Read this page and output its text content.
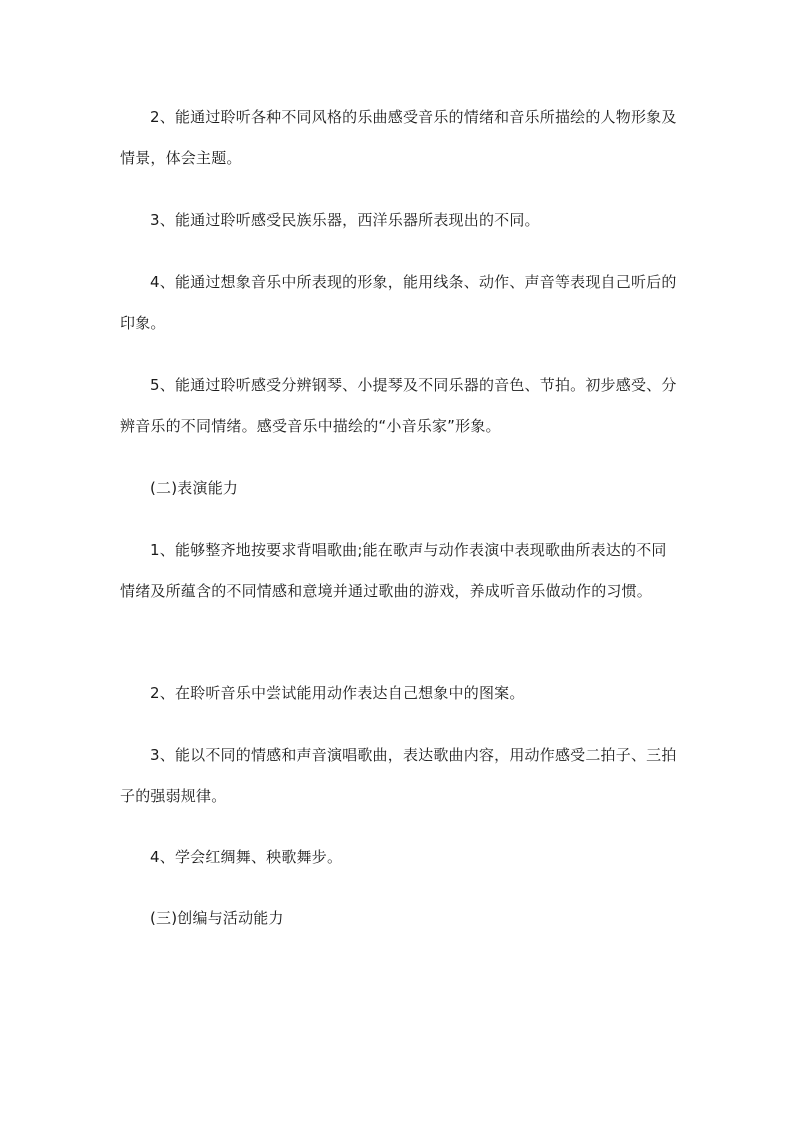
2、能通过聆听各种不同风格的乐曲感受音乐的情绪和音乐所描绘的人物形象及情景，体会主题。

3、能通过聆听感受民族乐器，西洋乐器所表现出的不同。

4、能通过想象音乐中所表现的形象，能用线条、动作、声音等表现自己听后的印象。

5、能通过聆听感受分辨钢琴、小提琴及不同乐器的音色、节拍。初步感受、分辨音乐的不同情绪。感受音乐中描绘的“小音乐家”形象。

(二)表演能力

1、能够整齐地按要求背唱歌曲;能在歌声与动作表演中表现歌曲所表达的不同情绪及所蕴含的不同情感和意境并通过歌曲的游戏，养成听音乐做动作的习惯。

2、在聆听音乐中尝试能用动作表达自己想象中的图案。

3、能以不同的情感和声音演唱歌曲，表达歌曲内容，用动作感受二拍子、三拍子的强弱规律。

4、学会红绸舞、秧歌舞步。

(三)创编与活动能力
